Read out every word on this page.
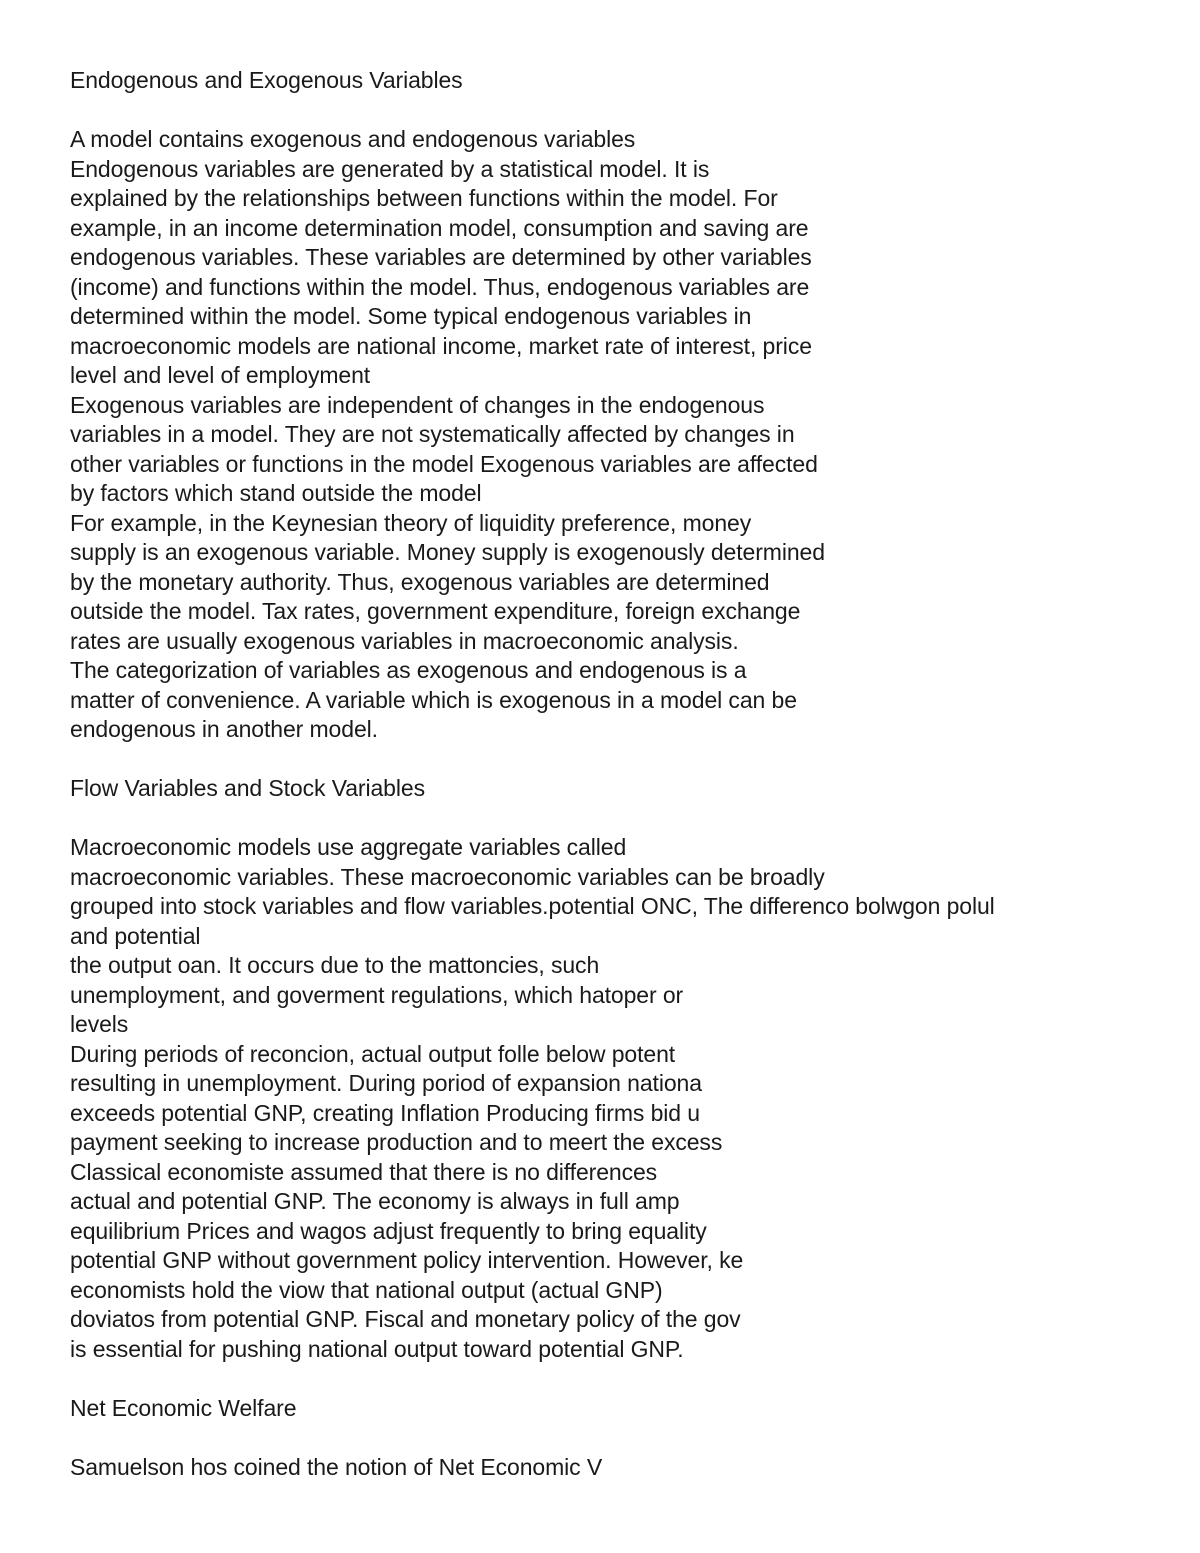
Endogenous and Exogenous Variables
A model contains exogenous and endogenous variables
Endogenous variables are generated by a statistical model. It is
explained by the relationships between functions within the model. For
example, in an income determination model, consumption and saving are
endogenous variables. These variables are determined by other variables
(income) and functions within the model. Thus, endogenous variables are
determined within the model. Some typical endogenous variables in
macroeconomic models are national income, market rate of interest, price
level and level of employment
Exogenous variables are independent of changes in the endogenous
variables in a model. They are not systematically affected by changes in
other variables or functions in the model Exogenous variables are affected
by factors which stand outside the model
For example, in the Keynesian theory of liquidity preference, money
supply is an exogenous variable. Money supply is exogenously determined
by the monetary authority. Thus, exogenous variables are determined
outside the model. Tax rates, government expenditure, foreign exchange
rates are usually exogenous variables in macroeconomic analysis.
The categorization of variables as exogenous and endogenous is a
matter of convenience. A variable which is exogenous in a model can be
endogenous in another model.
Flow Variables and Stock Variables
Macroeconomic models use aggregate variables called
macroeconomic variables. These macroeconomic variables can be broadly
grouped into stock variables and flow variables.potential ONC, The differenco bolwgon polul
and potential
the output oan. It occurs due to the mattoncies, such
unemployment, and goverment regulations, which hatoper or
levels
During periods of reconcion, actual output folle below potent
resulting in unemployment. During poriod of expansion nationa
exceeds potential GNP, creating Inflation Producing firms bid u
payment seeking to increase production and to meert the excess
Classical economiste assumed that there is no differences
actual and potential GNP. The economy is always in full amp
equilibrium Prices and wagos adjust frequently to bring equality
potential GNP without government policy intervention. However, ke
economists hold the viow that national output (actual GNP)
doviatos from potential GNP. Fiscal and monetary policy of the gov
is essential for pushing national output toward potential GNP.
Net Economic Welfare
Samuelson hos coined the notion of Net Economic V
